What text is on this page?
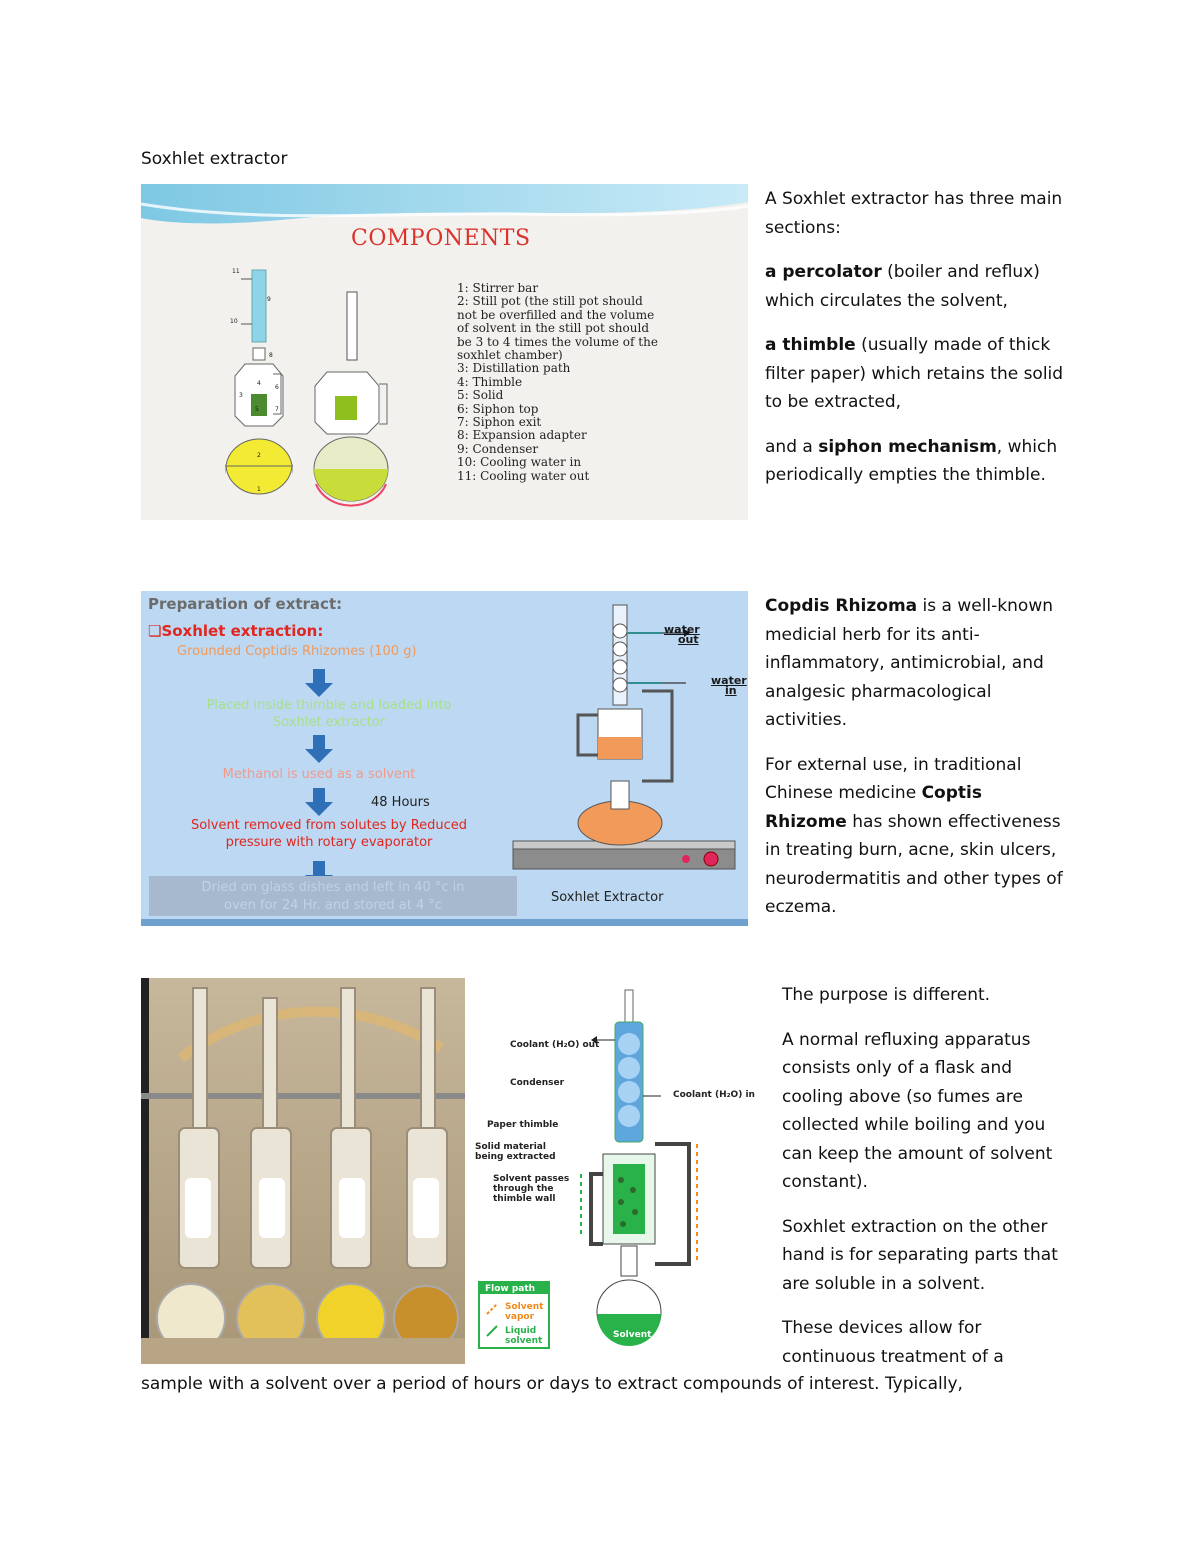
Soxhlet extractor
COMPONENTS
1: Stirrer bar
2: Still pot (the still pot should
not be overfilled and the volume
of solvent in the still pot should
be 3 to 4 times the volume of the
soxhlet chamber)
3: Distillation path
4: Thimble
5: Solid
6: Siphon top
7: Siphon exit
8: Expansion adapter
9: Condenser
10: Cooling water in
11: Cooling water out
11
9
10
8
4
5
6
7
2
1
3

A Soxhlet extractor has three main sections:

a percolator (boiler and reflux) which circulates the solvent,

a thimble (usually made of thick filter paper) which retains the solid to be extracted,

and a siphon mechanism, which periodically empties the thimble.

Preparation of extract:
❏Soxhlet extraction:
Grounded Coptidis Rhizomes (100 g)
Placed inside thimble and loaded into
Soxhlet extractor
Methanol is used as a solvent
48 Hours
Solvent removed from solutes by Reduced
pressure with rotary evaporator
Dried on glass dishes and left in 40 °c in
oven for 24 Hr. and stored at 4 °c
water
out
water
in
Soxhlet Extractor

Copdis Rhizoma is a well-known medicial herb for its anti-inflammatory, antimicrobial, and analgesic pharmacological activities.

For external use, in traditional Chinese medicine Coptis Rhizome has shown effectiveness in treating burn, acne, skin ulcers, neurodermatitis and other types of eczema.

Coolant (H₂O) out
Condenser
Coolant (H₂O) in
Paper thimble
Solid material
being extracted
Solvent passes
through the
thimble wall
Flow path
Solvent
vapor
Liquid
solvent
Solvent

The purpose is different.

A normal refluxing apparatus consists only of a flask and cooling above (so fumes are collected while boiling and you can keep the amount of solvent constant).

Soxhlet extraction on the other hand is for separating parts that are soluble in a solvent.

These devices allow for continuous treatment of a

sample with a solvent over a period of hours or days to extract compounds of interest. Typically,
